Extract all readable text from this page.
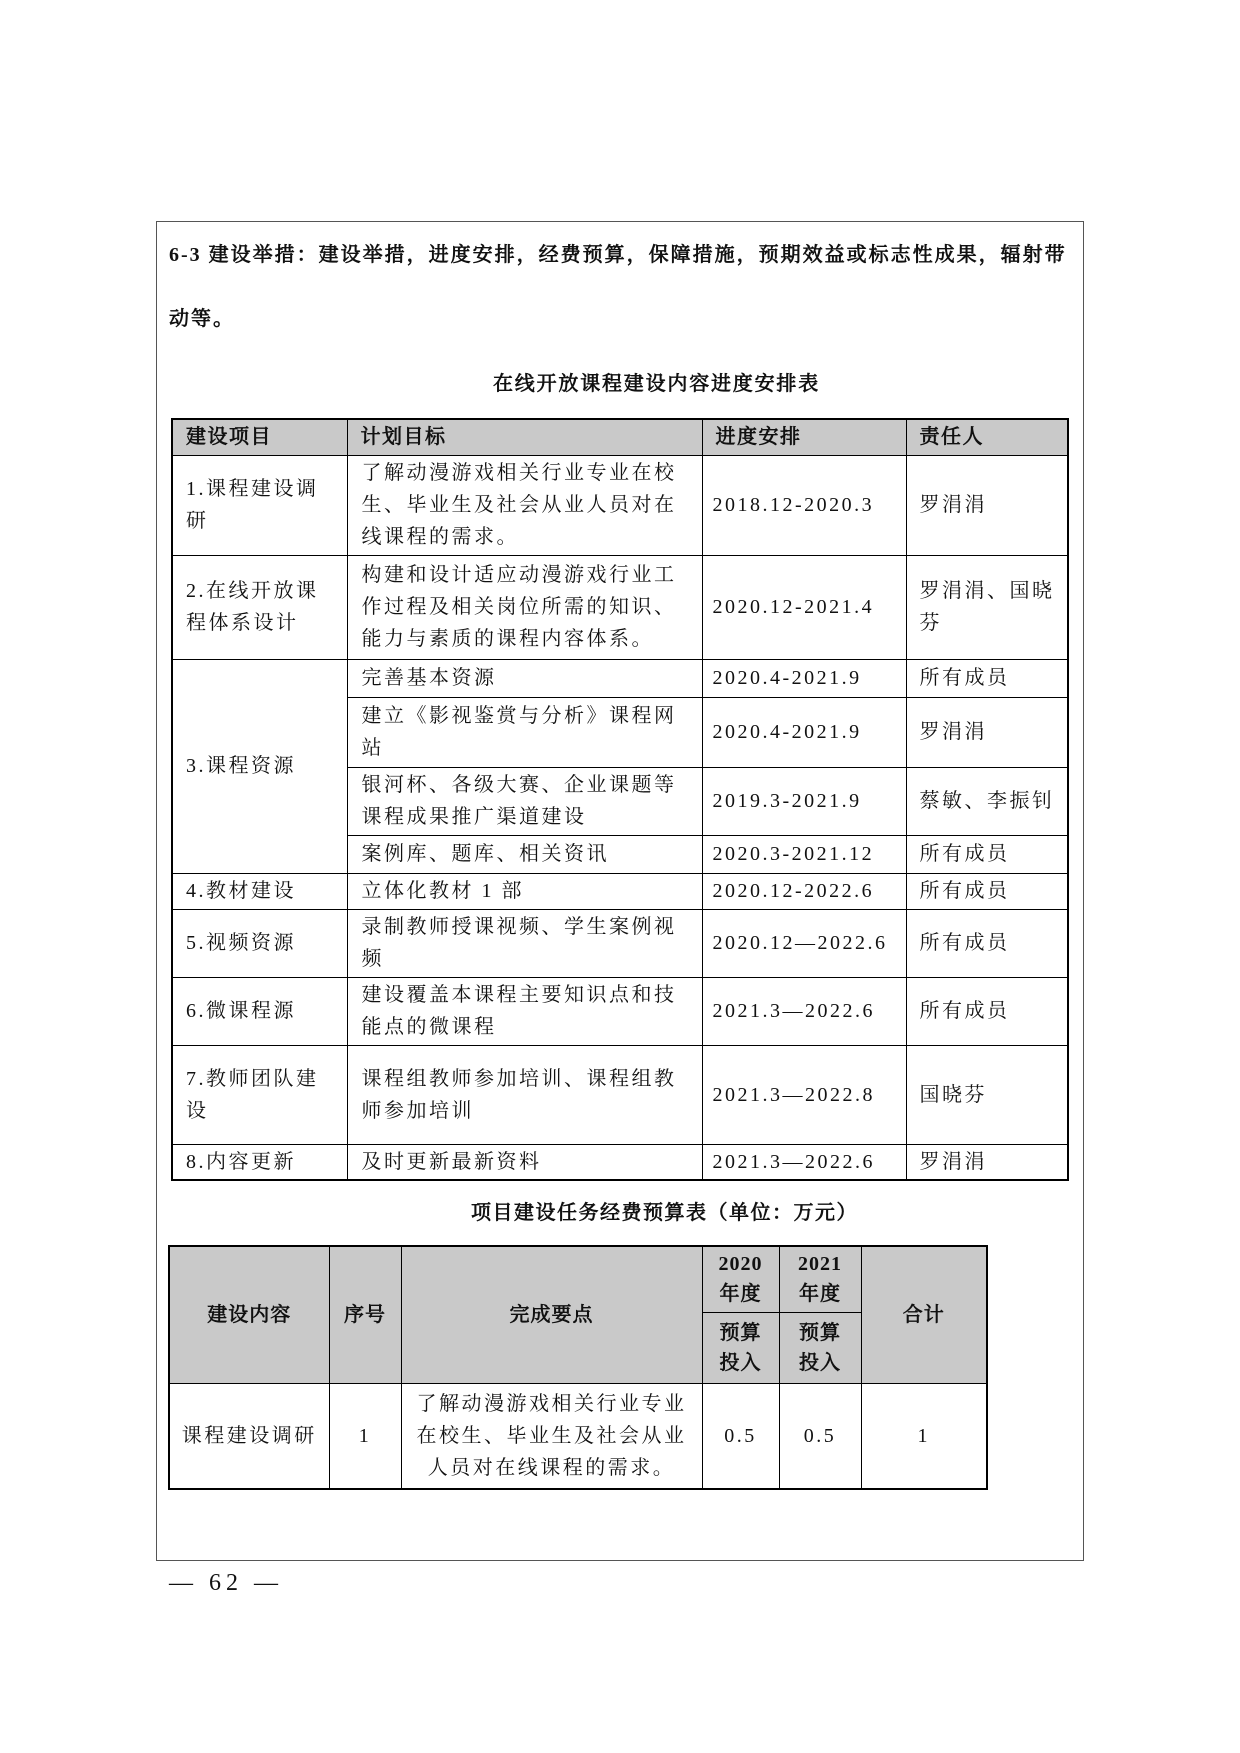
6-3 建设举措：建设举措，进度安排，经费预算，保障措施，预期效益或标志性成果，辐射带
动等。
在线开放课程建设内容进度安排表
建设项目	计划目标	进度安排	责任人
1.课程建设调研	了解动漫游戏相关行业专业在校生、毕业生及社会从业人员对在线课程的需求。	2018.12-2020.3	罗涓涓
2.在线开放课程体系设计	构建和设计适应动漫游戏行业工作过程及相关岗位所需的知识、能力与素质的课程内容体系。	2020.12-2021.4	罗涓涓、国晓芬
3.课程资源	完善基本资源	2020.4-2021.9	所有成员
	建立《影视鉴赏与分析》课程网站	2020.4-2021.9	罗涓涓
	银河杯、各级大赛、企业课题等课程成果推广渠道建设	2019.3-2021.9	蔡敏、李振钊
	案例库、题库、相关资讯	2020.3-2021.12	所有成员
4.教材建设	立体化教材 1 部	2020.12-2022.6	所有成员
5.视频资源	录制教师授课视频、学生案例视频	2020.12—2022.6	所有成员
6.微课程源	建设覆盖本课程主要知识点和技能点的微课程	2021.3—2022.6	所有成员
7.教师团队建设	课程组教师参加培训、课程组教师参加培训	2021.3—2022.8	国晓芬
8.内容更新	及时更新最新资料	2021.3—2022.6	罗涓涓
项目建设任务经费预算表（单位：万元）
建设内容	序号	完成要点	2020年度	2021年度	合计
			预算投入	预算投入	
课程建设调研	1	了解动漫游戏相关行业专业在校生、毕业生及社会从业人员对在线课程的需求。	0.5	0.5	1
— 62 —
